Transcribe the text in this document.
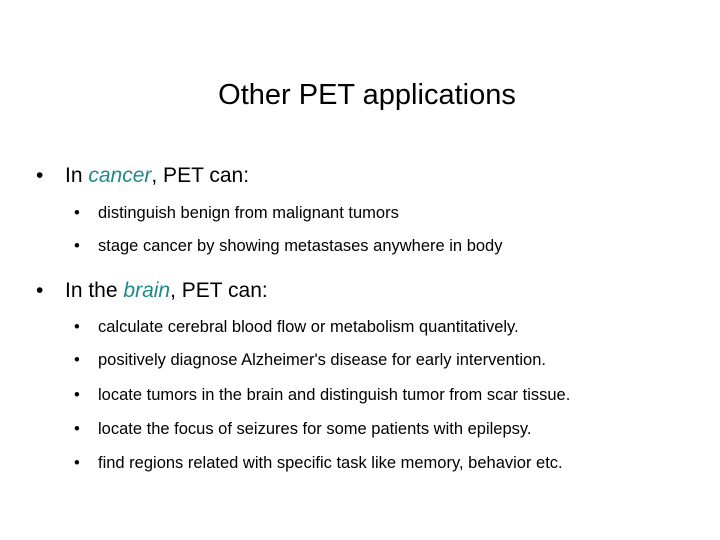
Other PET applications
• In cancer, PET can:
• distinguish benign from malignant tumors
• stage cancer by showing metastases anywhere in body
• In the brain, PET can:
• calculate cerebral blood flow or metabolism quantitatively.
• positively diagnose Alzheimer's disease for early intervention.
• locate tumors in the brain and distinguish tumor from scar tissue.
• locate the focus of seizures for some patients with epilepsy.
• find regions related with specific task like memory, behavior etc.
